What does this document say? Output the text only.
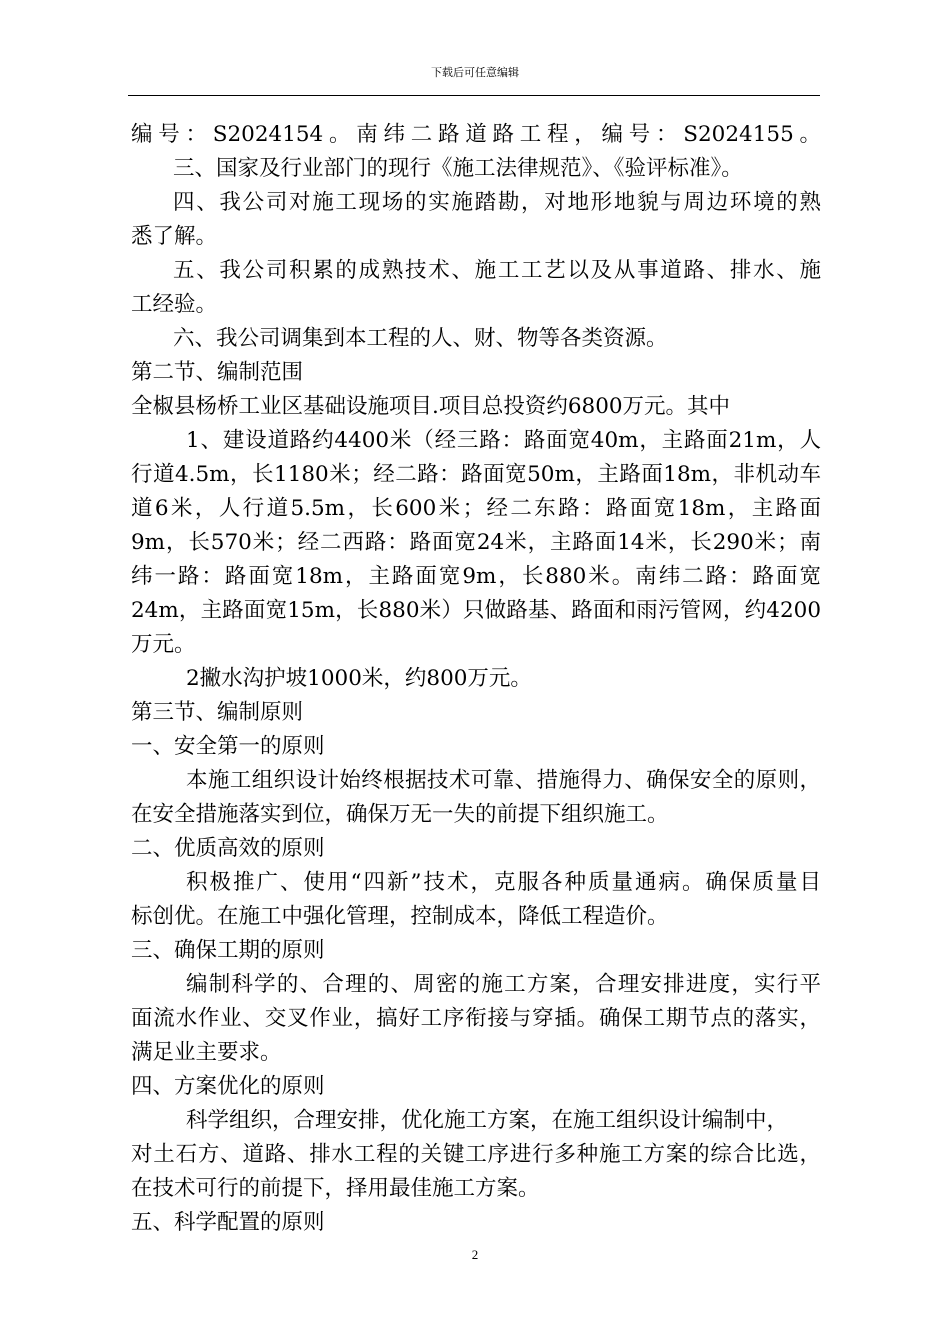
下载后可任意编辑
编号：S2024154。南纬二路道路工程，编号：S2024155。
三、国家及行业部门的现行《施工法律规范》、《验评标准》。
四、我公司对施工现场的实施踏勘，对地形地貌与周边环境的熟
悉了解。
五、我公司积累的成熟技术、施工工艺以及从事道路、排水、施
工经验。
六、我公司调集到本工程的人、财、物等各类资源。
第二节、编制范围
全椒县杨桥工业区基础设施项目.项目总投资约6800万元。其中
1、建设道路约4400米（经三路：路面宽40m，主路面21m，人
行道4.5m，长1180米；经二路：路面宽50m，主路面18m，非机动车
道6米，人行道5.5m，长600米；经二东路：路面宽18m，主路面
9m，长570米；经二西路：路面宽24米，主路面14米，长290米；南
纬一路：路面宽18m，主路面宽9m，长880米。南纬二路：路面宽
24m，主路面宽15m，长880米）只做路基、路面和雨污管网，约4200
万元。
2撇水沟护坡1000米，约800万元。
第三节、编制原则
一、安全第一的原则
本施工组织设计始终根据技术可靠、措施得力、确保安全的原则，
在安全措施落实到位，确保万无一失的前提下组织施工。
二、优质高效的原则
积极推广、使用“四新”技术，克服各种质量通病。确保质量目
标创优。在施工中强化管理，控制成本，降低工程造价。
三、确保工期的原则
编制科学的、合理的、周密的施工方案，合理安排进度，实行平
面流水作业、交叉作业，搞好工序衔接与穿插。确保工期节点的落实，
满足业主要求。
四、方案优化的原则
科学组织，合理安排，优化施工方案，在施工组织设计编制中，
对土石方、道路、排水工程的关键工序进行多种施工方案的综合比选，
在技术可行的前提下，择用最佳施工方案。
五、科学配置的原则
2
